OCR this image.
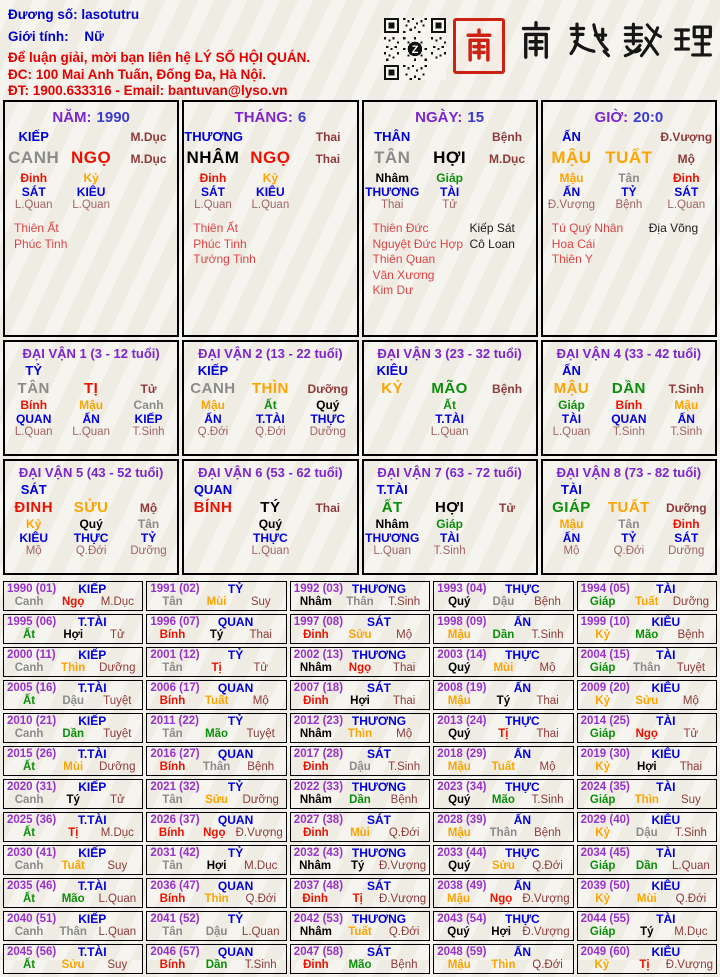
Đương số: lasotutru
Giới tính: Nữ
Để luận giải, mời bạn liên hệ LÝ SỐ HỘI QUÁN.
ĐC: 100 Mai Anh Tuấn, Đống Đa, Hà Nội.
ĐT: 1900.633316 - Email: bantuvan@lyso.vn
Z
NĂM: 1990
KIẾP	M.Dục
CANH NGỌ	M.Dục
Đinh	Kỷ
SÁT	KIÊU
L.Quan	L.Quan
Thiên Ất
Phúc Tinh
THÁNG: 6
THƯƠNG	Thai
NHÂM NGỌ	Thai
Đinh	Kỷ
SÁT	KIÊU
L.Quan	L.Quan
Thiên Ất
Phúc Tinh
Tướng Tinh
NGÀY: 15
THÂN	Bệnh
TÂN	HỢI	M.Dục
Nhâm	Giáp
THƯƠNG	TÀI
Thai	Tử
Thiên Đức
Nguyệt Đức Hợp
Thiên Quan
Văn Xương
Kim Dư
Kiếp Sát
Cô Loan
GIỜ: 20:0
ẤN	Đ.Vượng
MẬU TUẤT	Mộ
Mậu	Tân	Đinh
ẤN	TỶ	SÁT
Đ.Vượng	Bệnh	L.Quan
Tú Quý Nhân
Hoa Cái
Thiên Y
Địa Võng
ĐẠI VẬN 1 (3 - 12 tuổi)
TỶ
TÂN	TỊ	Tử
Bính	Mậu	Canh
QUAN	ẤN	KIẾP
L.Quan	L.Quan	T.Sinh
ĐẠI VẬN 2 (13 - 22 tuổi)
KIẾP
CANH	THÌN	Dưỡng
Mậu	Ất	Quý
ẤN	T.TÀI	THỰC
Q.Đới	Q.Đới	Dưỡng
ĐẠI VẬN 3 (23 - 32 tuổi)
KIÊU
KỶ	MÃO	Bệnh
Ất
T.TÀI
L.Quan
ĐẠI VẬN 4 (33 - 42 tuổi)
ẤN
MẬU	DẦN	T.Sinh
Giáp	Bính	Mậu
TÀI	QUAN	ẤN
L.Quan	T.Sinh	T.Sinh
ĐẠI VẬN 5 (43 - 52 tuổi)
SÁT
ĐINH	SỬU	Mộ
Kỷ	Quý	Tân
KIÊU	THỰC	TỶ
Mộ	Q.Đới	Dưỡng
ĐẠI VẬN 6 (53 - 62 tuổi)
QUAN
BÍNH	TÝ	Thai
Quý
THỰC
L.Quan
ĐẠI VẬN 7 (63 - 72 tuổi)
T.TÀI
ẤT	HỢI	Tử
Nhâm	Giáp
THƯƠNG	TÀI
L.Quan	T.Sinh
ĐẠI VẬN 8 (73 - 82 tuổi)
TÀI
GIÁP	TUẤT	Dưỡng
Mậu	Tân	Đinh
ẤN	TỶ	SÁT
Mộ	Q.Đới	Dưỡng
1990 (01)	KIẾP
Canh	Ngọ	M.Dục
1991 (02)	TỶ
Tân	Mùi	Suy
1992 (03) THƯƠNG
Nhâm	Thân	T.Sinh
1993 (04)	THỰC
Quý	Dậu	Bệnh
1994 (05)	TÀI
Giáp	Tuất	Dưỡng
1995 (06)	T.TÀI
Ất	Hợi	Tử
1996 (07)	QUAN
Bính	Tý	Thai
1997 (08)	SÁT
Đinh	Sửu	Mộ
1998 (09)	ẤN
Mậu	Dần	T.Sinh
1999 (10)	KIÊU
Kỷ	Mão	Bệnh
2000 (11)	KIẾP
Canh	Thìn	Dưỡng
2001 (12)	TỶ
Tân	Tị	Tử
2002 (13) THƯƠNG
Nhâm	Ngọ	Thai
2003 (14)	THỰC
Quý	Mùi	Mộ
2004 (15)	TÀI
Giáp	Thân	Tuyệt
2005 (16)	T.TÀI
Ất	Dậu	Tuyệt
2006 (17)	QUAN
Bính	Tuất	Mộ
2007 (18)	SÁT
Đinh	Hợi	Thai
2008 (19)	ẤN
Mậu	Tý	Thai
2009 (20)	KIÊU
Kỷ	Sửu	Mộ
2010 (21)	KIẾP
Canh	Dần	Tuyệt
2011 (22)	TỶ
Tân	Mão	Tuyệt
2012 (23) THƯƠNG
Nhâm	Thìn	Mộ
2013 (24)	THỰC
Quý	Tị	Thai
2014 (25)	TÀI
Giáp	Ngọ	Tử
2015 (26)	T.TÀI
Ất	Mùi	Dưỡng
2016 (27)	QUAN
Bính	Thân	Bệnh
2017 (28)	SÁT
Đinh	Dậu	T.Sinh
2018 (29)	ẤN
Mậu	Tuất	Mộ
2019 (30)	KIÊU
Kỷ	Hợi	Thai
2020 (31)	KIẾP
Canh	Tý	Tử
2021 (32)	TỶ
Tân	Sửu	Dưỡng
2022 (33) THƯƠNG
Nhâm	Dần	Bệnh
2023 (34)	THỰC
Quý	Mão	T.Sinh
2024 (35)	TÀI
Giáp	Thìn	Suy
2025 (36)	T.TÀI
Ất	Tị	M.Dục
2026 (37)	QUAN
Bính	Ngọ Đ.Vượng
2027 (38)	SÁT
Đinh	Mùi	Q.Đới
2028 (39)	ẤN
Mậu	Thân	Bệnh
2029 (40)	KIÊU
Kỷ	Dậu	T.Sinh
2030 (41)	KIẾP
Canh	Tuất	Suy
2031 (42)	TỶ
Tân	Hợi	M.Dục
2032 (43) THƯƠNG
Nhâm	Tý	Đ.Vượng
2033 (44)	THỰC
Quý	Sửu	Q.Đới
2034 (45)	TÀI
Giáp	Dần	L.Quan
2035 (46)	T.TÀI
Ất	Mão	L.Quan
2036 (47)	QUAN
Bính	Thìn	Q.Đới
2037 (48)	SÁT
Đinh	Tị	Đ.Vượng
2038 (49)	ẤN
Mậu	Ngọ Đ.Vượng
2039 (50)	KIÊU
Kỷ	Mùi	Q.Đới
2040 (51)	KIẾP
Canh	Thân	L.Quan
2041 (52)	TỶ
Tân	Dậu	L.Quan
2042 (53) THƯƠNG
Nhâm	Tuất	Q.Đới
2043 (54)	THỰC
Quý	Hợi Đ.Vượng
2044 (55)	TÀI
Giáp	Tý	M.Dục
2045 (56)	T.TÀI
Ất	Sửu	Suy
2046 (57)	QUAN
Bính	Dần	T.Sinh
2047 (58)	SÁT
Đinh	Mão	Bệnh
2048 (59)	ẤN
Mậu	Thìn	Q.Đới
2049 (60)	KIÊU
Kỷ	Tị	Đ.Vượng
